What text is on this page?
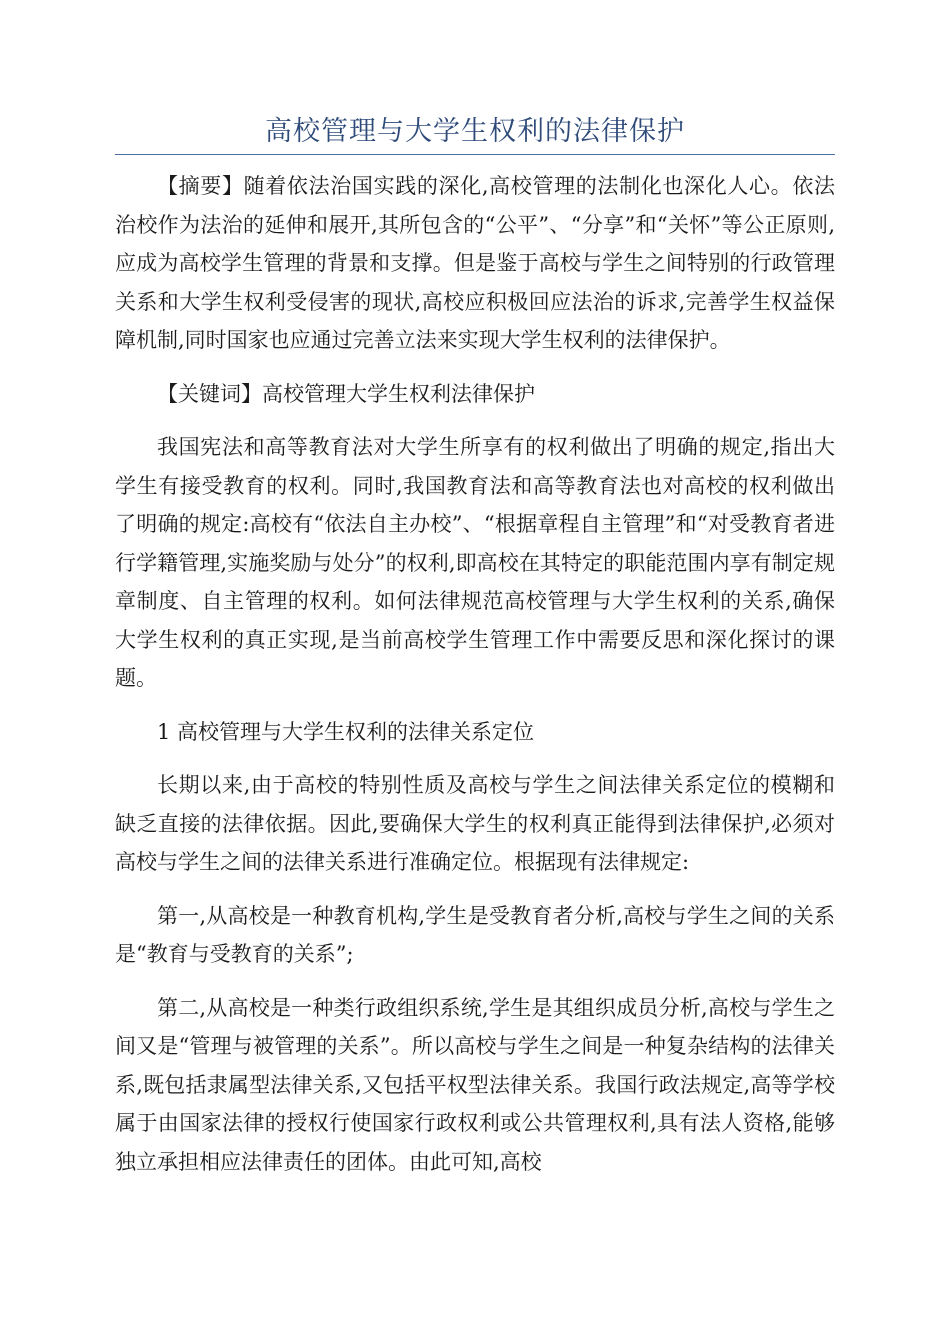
高校管理与大学生权利的法律保护

【摘要】随着依法治国实践的深化,高校管理的法制化也深化人心。依法治校作为法治的延伸和展开,其所包含的“公平”、“分享”和“关怀”等公正原则,应成为高校学生管理的背景和支撑。但是鉴于高校与学生之间特别的行政管理关系和大学生权利受侵害的现状,高校应积极回应法治的诉求,完善学生权益保障机制,同时国家也应通过完善立法来实现大学生权利的法律保护。

【关键词】高校管理大学生权利法律保护

我国宪法和高等教育法对大学生所享有的权利做出了明确的规定,指出大学生有接受教育的权利。同时,我国教育法和高等教育法也对高校的权利做出了明确的规定:高校有“依法自主办校”、“根据章程自主管理”和“对受教育者进行学籍管理,实施奖励与处分”的权利,即高校在其特定的职能范围内享有制定规章制度、自主管理的权利。如何法律规范高校管理与大学生权利的关系,确保大学生权利的真正实现,是当前高校学生管理工作中需要反思和深化探讨的课题。

1 高校管理与大学生权利的法律关系定位

长期以来,由于高校的特别性质及高校与学生之间法律关系定位的模糊和缺乏直接的法律依据。因此,要确保大学生的权利真正能得到法律保护,必须对高校与学生之间的法律关系进行准确定位。根据现有法律规定:

第一,从高校是一种教育机构,学生是受教育者分析,高校与学生之间的关系是“教育与受教育的关系”;

第二,从高校是一种类行政组织系统,学生是其组织成员分析,高校与学生之间又是“管理与被管理的关系”。所以高校与学生之间是一种复杂结构的法律关系,既包括隶属型法律关系,又包括平权型法律关系。我国行政法规定,高等学校属于由国家法律的授权行使国家行政权利或公共管理权利,具有法人资格,能够独立承担相应法律责任的团体。由此可知,高校
